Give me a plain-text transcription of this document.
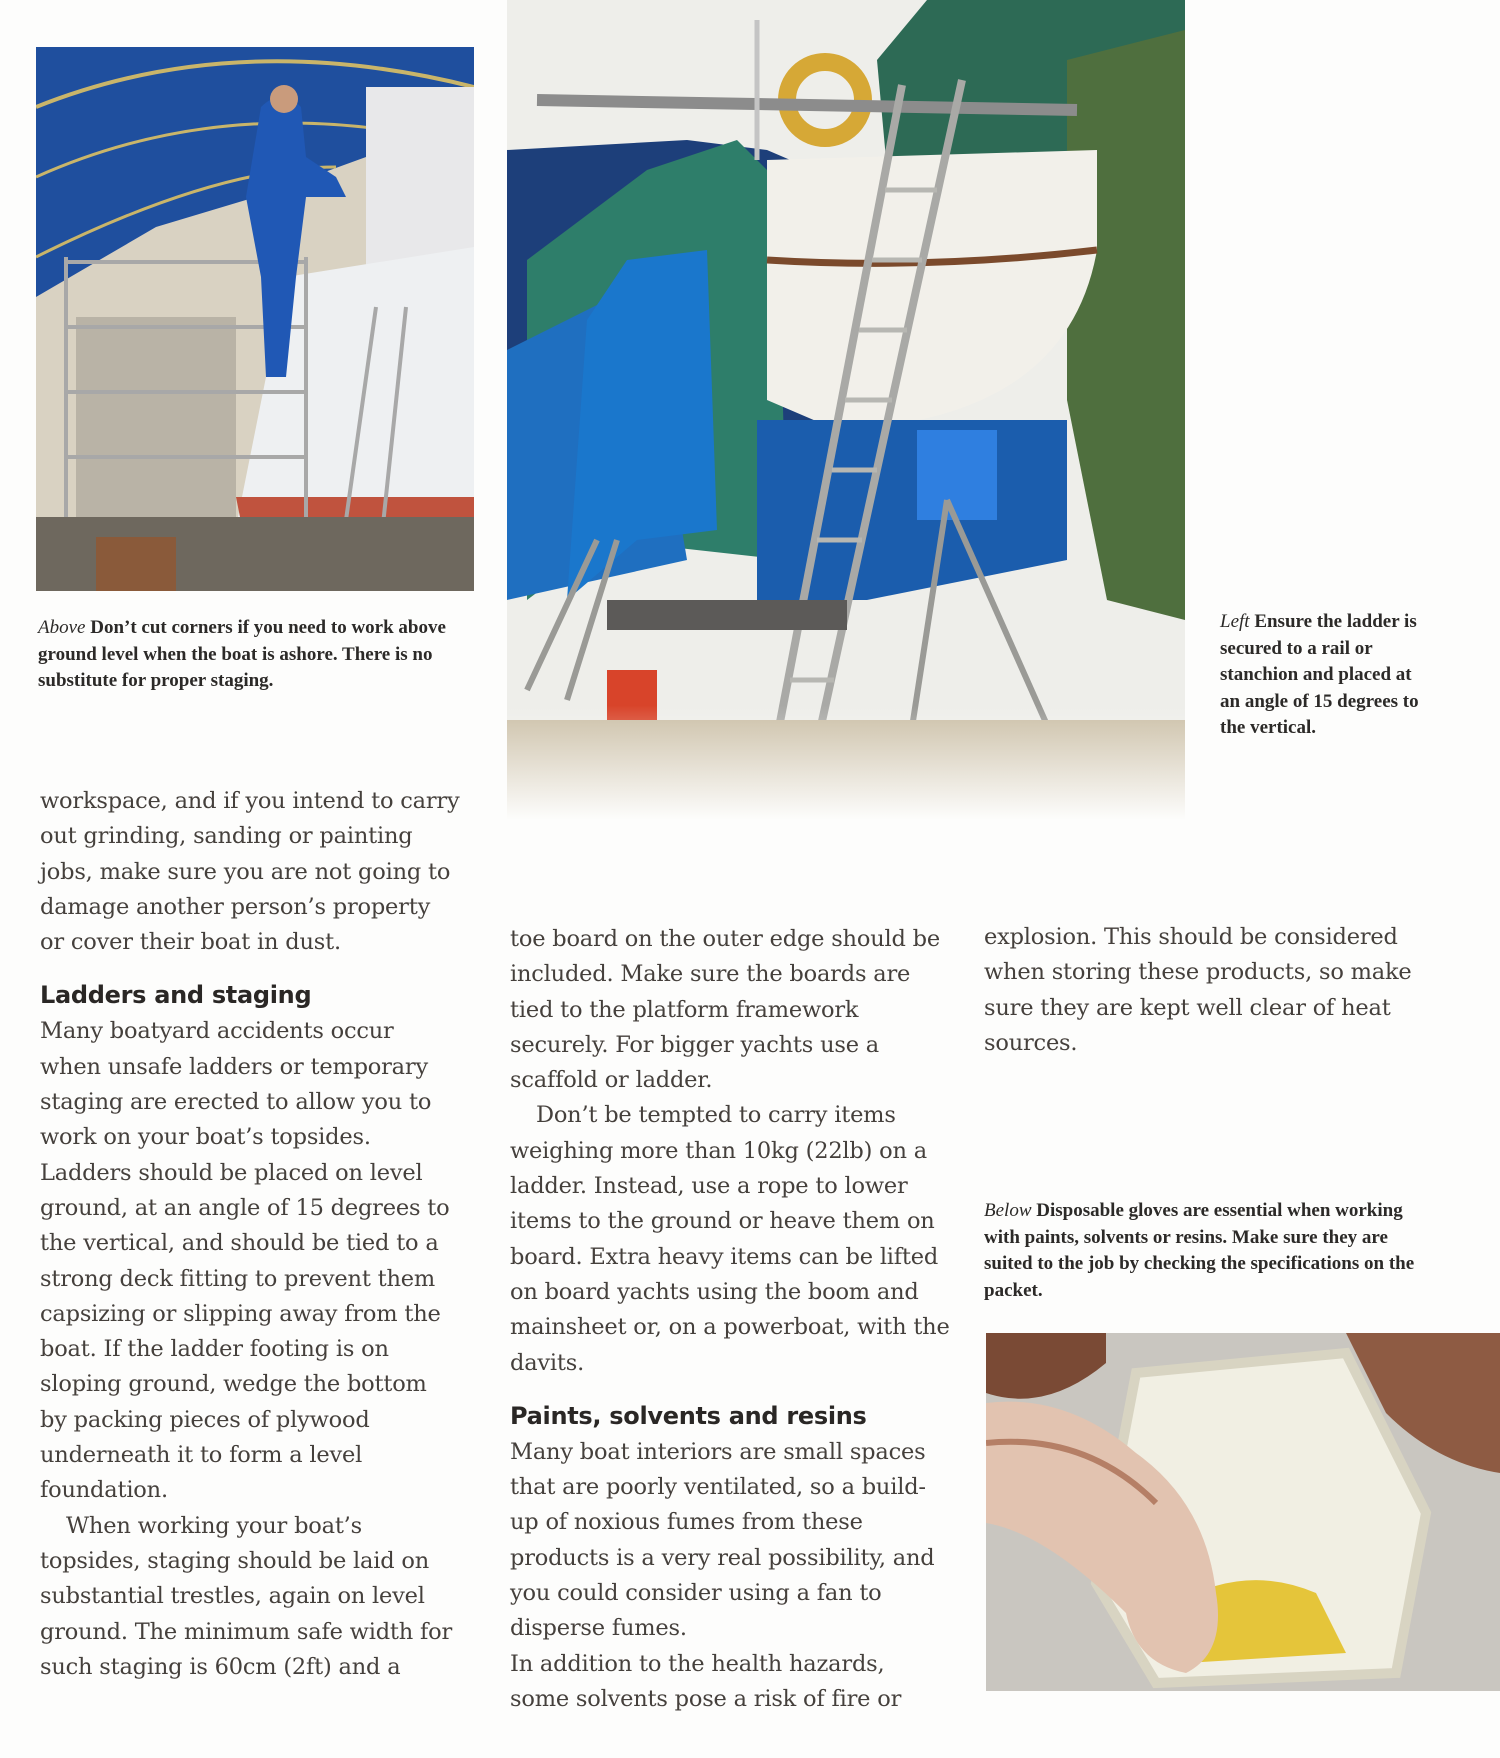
Above Don’t cut corners if you need to work above ground level when the boat is ashore. There is no substitute for proper staging.
Left Ensure the ladder is secured to a rail or stanchion and placed at an angle of 15 degrees to the vertical.
Below Disposable gloves are essential when working with paints, solvents or resins. Make sure they are suited to the job by checking the specifications on the packet.

workspace, and if you intend to carry out grinding, sanding or painting jobs, make sure you are not going to damage another person’s property or cover their boat in dust.

Ladders and staging

Many boatyard accidents occur when unsafe ladders or temporary staging are erected to allow you to work on your boat’s topsides. Ladders should be placed on level ground, at an angle of 15 degrees to the vertical, and should be tied to a strong deck fitting to prevent them capsizing or slipping away from the boat. If the ladder footing is on sloping ground, wedge the bottom by packing pieces of plywood underneath it to form a level foundation.

When working your boat’s topsides, staging should be laid on substantial trestles, again on level ground. The minimum safe width for such staging is 60cm (2ft) and a

toe board on the outer edge should be included. Make sure the boards are tied to the platform framework securely. For bigger yachts use a scaffold or ladder.

Don’t be tempted to carry items weighing more than 10kg (22lb) on a ladder. Instead, use a rope to lower items to the ground or heave them on board. Extra heavy items can be lifted on board yachts using the boom and mainsheet or, on a powerboat, with the davits.

Paints, solvents and resins

Many boat interiors are small spaces that are poorly ventilated, so a build-up of noxious fumes from these products is a very real possibility, and you could consider using a fan to disperse fumes.

In addition to the health hazards, some solvents pose a risk of fire or

explosion. This should be considered when storing these products, so make sure they are kept well clear of heat sources.
